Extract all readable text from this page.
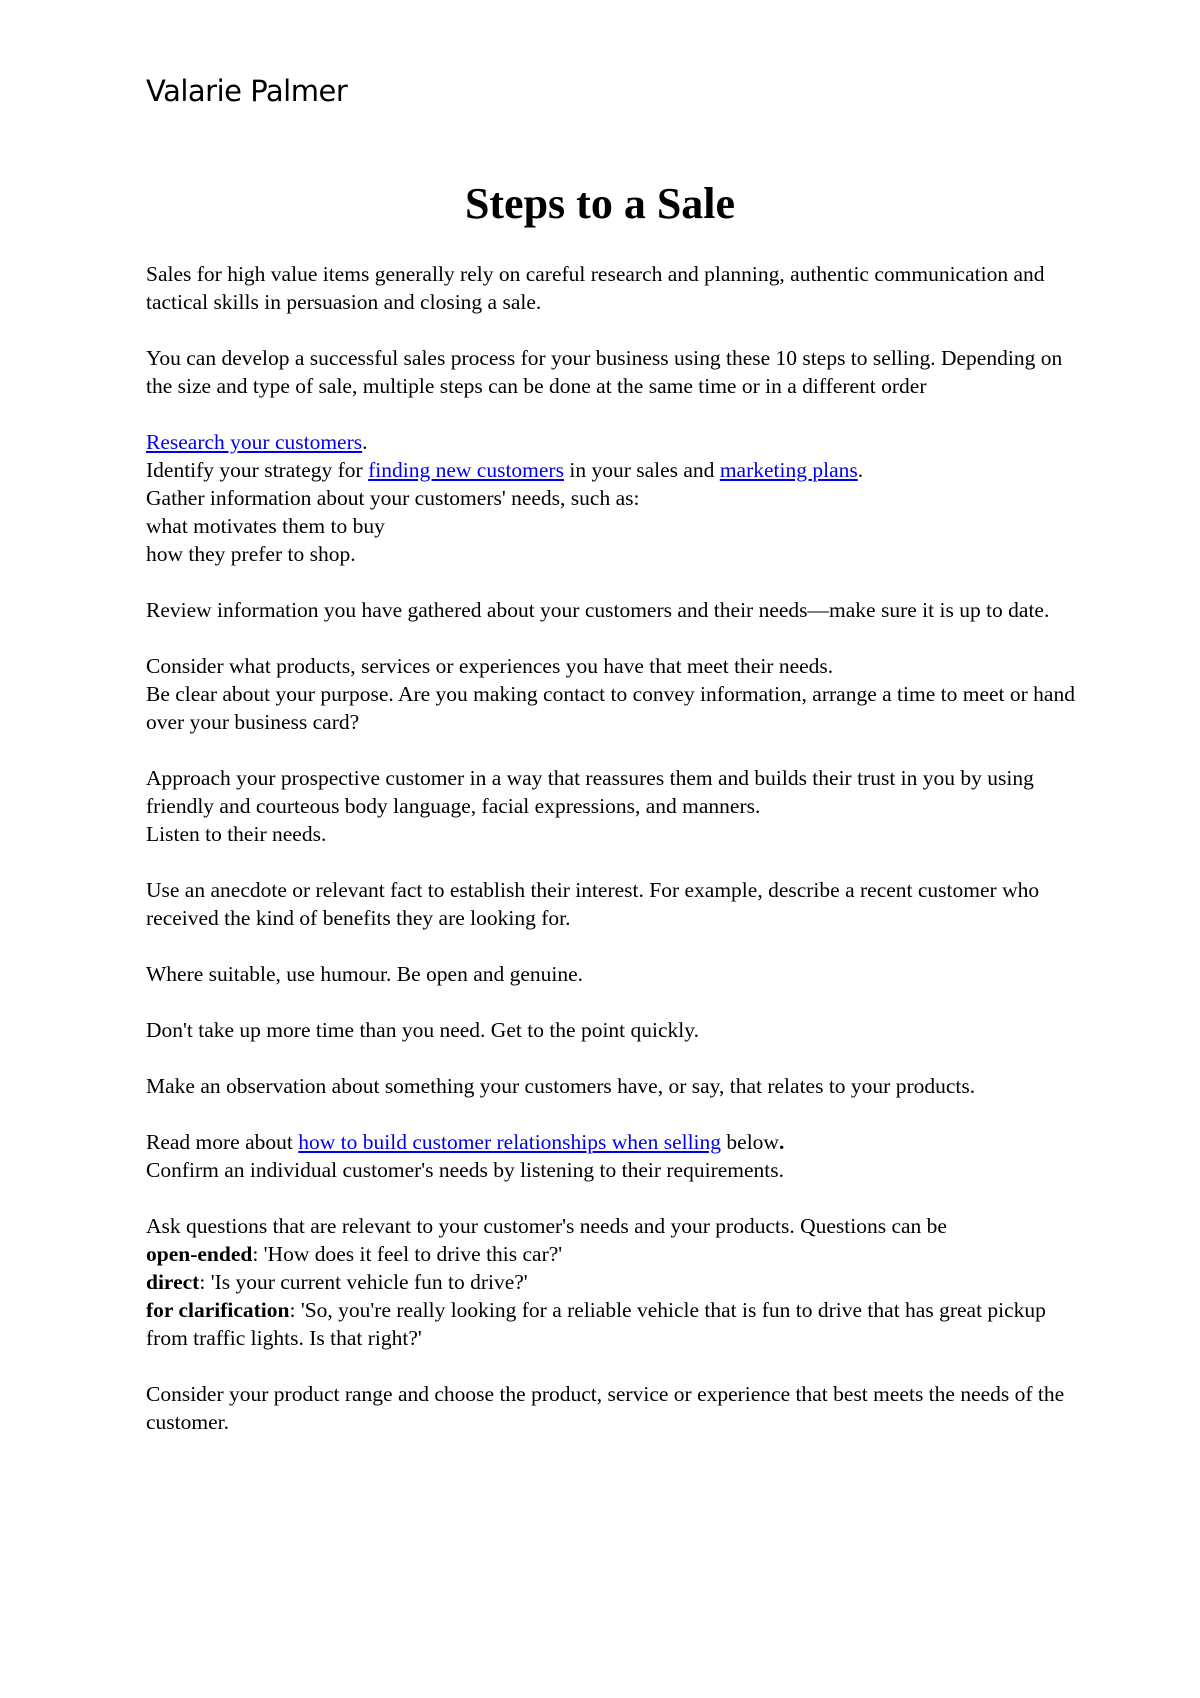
Valarie Palmer
Steps to a Sale

Sales for high value items generally rely on careful research and planning, authentic communication and tactical skills in persuasion and closing a sale.

You can develop a successful sales process for your business using these 10 steps to selling. Depending on the size and type of sale, multiple steps can be done at the same time or in a different order

Research your customers.
Identify your strategy for finding new customers in your sales and marketing plans.
Gather information about your customers' needs, such as:
what motivates them to buy
how they prefer to shop.

Review information you have gathered about your customers and their needs—make sure it is up to date.

Consider what products, services or experiences you have that meet their needs.
Be clear about your purpose. Are you making contact to convey information, arrange a time to meet or hand over your business card?

Approach your prospective customer in a way that reassures them and builds their trust in you by using friendly and courteous body language, facial expressions, and manners.
Listen to their needs.

Use an anecdote or relevant fact to establish their interest. For example, describe a recent customer who received the kind of benefits they are looking for.

Where suitable, use humour. Be open and genuine.

Don't take up more time than you need. Get to the point quickly.

Make an observation about something your customers have, or say, that relates to your products.

Read more about how to build customer relationships when selling below.
Confirm an individual customer's needs by listening to their requirements.

Ask questions that are relevant to your customer's needs and your products. Questions can be
open-ended: 'How does it feel to drive this car?'
direct: 'Is your current vehicle fun to drive?'
for clarification: 'So, you're really looking for a reliable vehicle that is fun to drive that has great pickup from traffic lights. Is that right?'

Consider your product range and choose the product, service or experience that best meets the needs of the customer.
